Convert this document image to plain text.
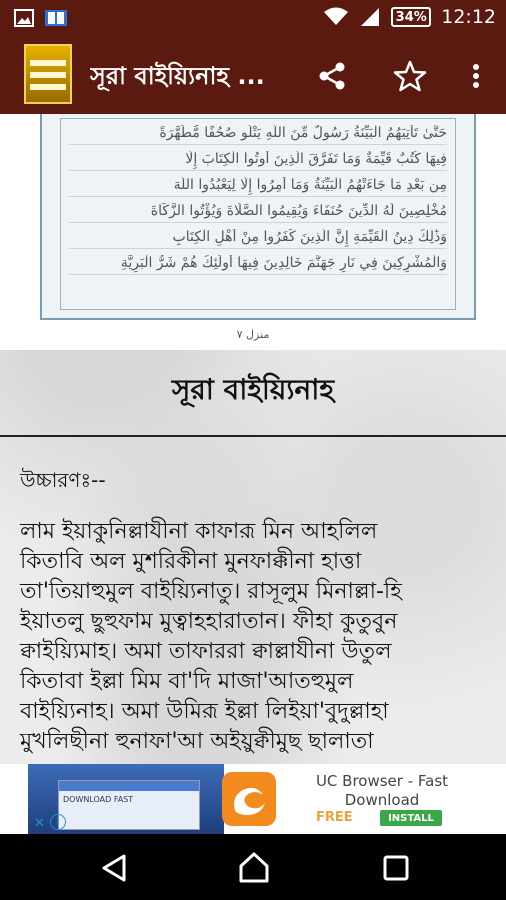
34% 12:12
সূরা বাইয়্যিনাহ ...
حَتَّىٰ تَأْتِيَهُمُ الْبَيِّنَةُ رَسُولٌ مِّنَ اللَّهِ يَتْلُو صُحُفًا مُّطَهَّرَةً
فِيهَا كُتُبٌ قَيِّمَةٌ وَمَا تَفَرَّقَ الَّذِينَ أُوتُوا الْكِتَابَ إِلَّا
مِن بَعْدِ مَا جَاءَتْهُمُ الْبَيِّنَةُ وَمَا أُمِرُوا إِلَّا لِيَعْبُدُوا اللَّهَ
مُخْلِصِينَ لَهُ الدِّينَ حُنَفَاءَ وَيُقِيمُوا الصَّلَاةَ وَيُؤْتُوا الزَّكَاةَ
وَذَٰلِكَ دِينُ الْقَيِّمَةِ إِنَّ الَّذِينَ كَفَرُوا مِنْ أَهْلِ الْكِتَابِ
وَالْمُشْرِكِينَ فِي نَارِ جَهَنَّمَ خَالِدِينَ فِيهَا أُولَٰئِكَ هُمْ شَرُّ الْبَرِيَّةِ
منزل ۷
সূরা বাইয়্যিনাহ
উচ্চারণঃ--
লাম ইয়াকুনিল্লাযীনা কাফারূ মিন আহলিল
কিতাবি অল মুশরিকীনা মুনফাক্কীনা হাত্তা
তা'তিয়াহুমুল বাইয়্যিনাতু। রাসূলুম মিনাল্লা-হি
ইয়াতলু ছুহুফাম মুত্বাহহারাতান। ফীহা কুতুবুন
ক্বাইয়্যিমাহ। অমা তাফাররা ক্বাল্লাযীনা উতুল
কিতাবা ইল্লা মিম বা'দি মাজা'আতহুমুল
বাইয়্যিনাহ। অমা উমিরূ ইল্লা লিইয়া'বুদুল্লাহা
মুখলিছীনা হুনাফা'আ অইয়ুক্বীমুছ ছালাতা
DOWNLOAD FAST
✕	i
UC Browser - Fast Download
FREE	INSTALL
